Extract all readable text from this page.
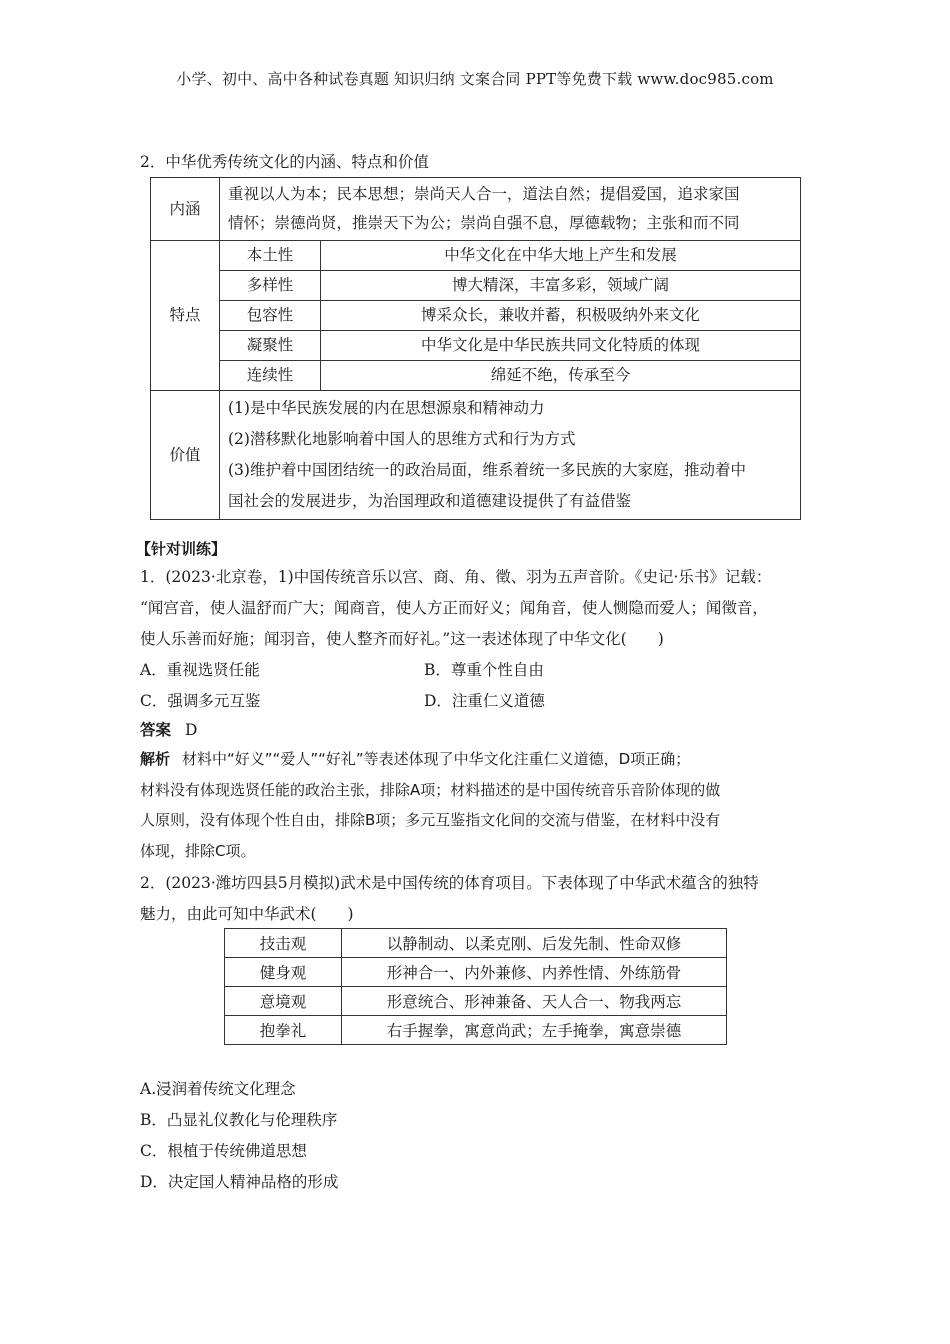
小学、初中、高中各种试卷真题 知识归纳 文案合同 PPT等免费下载 www.doc985.com
2．中华优秀传统文化的内涵、特点和价值
内涵	重视以人为本；民本思想；崇尚天人合一，道法自然；提倡爱国，追求家国
情怀；崇德尚贤，推崇天下为公；崇尚自强不息，厚德载物；主张和而不同	

特点	本土性	中华文化在中华大地上产生和发展
	多样性	博大精深，丰富多彩，领域广阔
	包容性	博采众长，兼收并蓄，积极吸纳外来文化
	凝聚性	中华文化是中华民族共同文化特质的体现
	连续性	绵延不绝，传承至今
价值	(1)是中华民族发展的内在思想源泉和精神动力
(2)潜移默化地影响着中国人的思维方式和行为方式
(3)维护着中国团结统一的政治局面，维系着统一多民族的大家庭，推动着中
国社会的发展进步，为治国理政和道德建设提供了有益借鉴	
【针对训练】
1．(2023·北京卷，1)中国传统音乐以宫、商、角、徵、羽为五声音阶。《史记·乐书》记载：
“闻宫音，使人温舒而广大；闻商音，使人方正而好义；闻角音，使人恻隐而爱人；闻徵音，
使人乐善而好施；闻羽音，使人整齐而好礼。”这一表述体现了中华文化(　　)
A．重视选贤任能	B．尊重个性自由
C．强调多元互鉴	D．注重仁义道德
答案 D
解析 材料中“好义”“爱人”“好礼”等表述体现了中华文化注重仁义道德，D项正确；
材料没有体现选贤任能的政治主张，排除A项；材料描述的是中国传统音乐音阶体现的做
人原则，没有体现个性自由，排除B项；多元互鉴指文化间的交流与借鉴，在材料中没有
体现，排除C项。
2．(2023·潍坊四县5月模拟)武术是中国传统的体育项目。下表体现了中华武术蕴含的独特
魅力，由此可知中华武术(　　)
技击观	以静制动、以柔克刚、后发先制、性命双修
健身观	形神合一、内外兼修、内养性情、外练筋骨
意境观	形意统合、形神兼备、天人合一、物我两忘
抱拳礼	右手握拳，寓意尚武；左手掩拳，寓意崇德
A.浸润着传统文化理念
B．凸显礼仪教化与伦理秩序
C．根植于传统佛道思想
D．决定国人精神品格的形成
